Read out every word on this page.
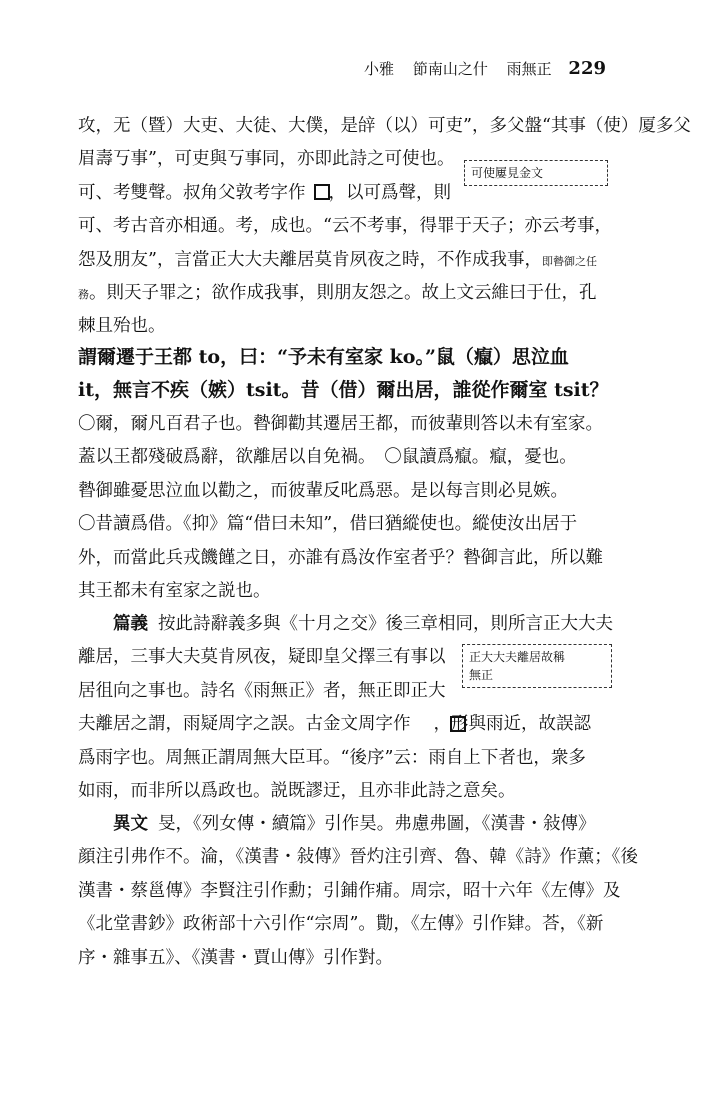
小雅 節南山之什 雨無正 229
攻，无（暨）大吏、大徒、大僕，是辝（以）可吏”，多父盤“其事（使）厦多父
眉壽丂事”，可吏與丂事同，亦即此詩之可使也。
可、考雙聲。叔角父敦考字作 　，以可爲聲，則
可、考古音亦相通。考，成也。“云不考事，得罪于天子；亦云考事，
怨及朋友”，言當正大大夫離居莫肯夙夜之時，不作成我事，即暬御之任
務。則天子罪之；欲作成我事，則朋友怨之。故上文云維曰于仕，孔
棘且殆也。
可使屢見金文
謂爾遷于王都 to，曰：“予未有室家 ko。”鼠（癙）思泣血
it，無言不疾（嫉）tsit。昔（借）爾出居，誰從作爾室 tsit？
〇爾，爾凡百君子也。暬御勸其遷居王都，而彼輩則答以未有室家。
蓋以王都殘破爲辭，欲離居以自免禍。　〇鼠讀爲癙。癙，憂也。
暬御雖憂思泣血以勸之，而彼輩反叱爲惡。是以每言則必見嫉。
〇昔讀爲借。《抑》篇“借曰未知”，借曰猶縱使也。縱使汝出居于
外，而當此兵戎饑饉之日，亦誰有爲汝作室者乎？暬御言此，所以難
其王都未有室家之説也。
　　篇義 按此詩辭義多與《十月之交》後三章相同，則所言正大大夫
離居，三事大夫莫肯夙夜，疑即皇父擇三有事以
居徂向之事也。詩名《雨無正》者，無正即正大
夫離居之謂，雨疑周字之誤。古金文周字作 　，形與雨近，故誤認
爲雨字也。周無正謂周無大臣耳。“後序”云：雨自上下者也，衆多
如雨，而非所以爲政也。説既謬迂，且亦非此詩之意矣。
正大大夫離居故稱
無正
　　異文 旻，《列女傳・續篇》引作昊。弗慮弗圖，《漢書・敍傳》
顔注引弗作不。淪，《漢書・敍傳》晉灼注引齊、魯、韓《詩》作薰；《後
漢書・蔡邕傳》李賢注引作勳；引鋪作痡。周宗，昭十六年《左傳》及
《北堂書鈔》政術部十六引作“宗周”。勩，《左傳》引作肄。荅，《新
序・雜事五》、《漢書・賈山傳》引作對。
